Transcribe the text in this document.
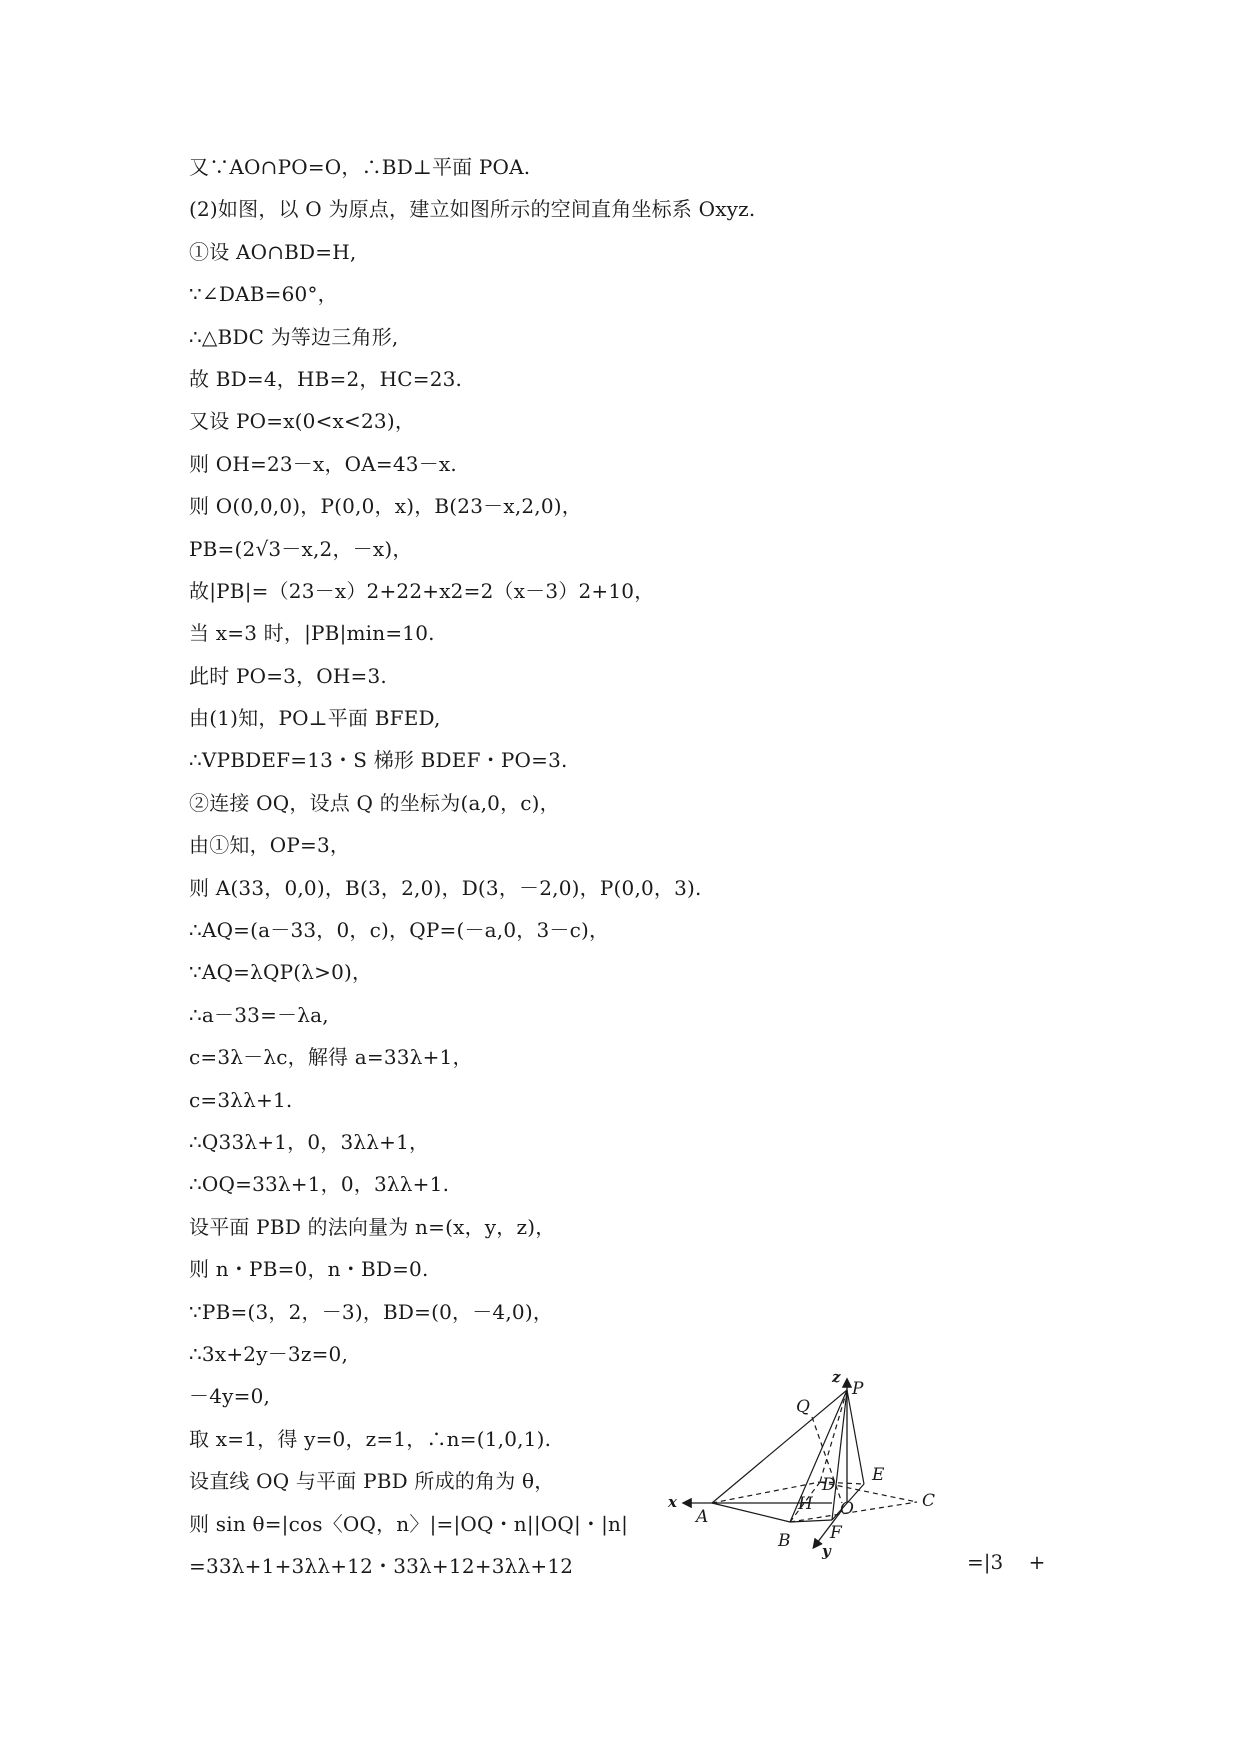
又∵AO∩PO=O，∴BD⊥平面 POA.
(2)如图，以 O 为原点，建立如图所示的空间直角坐标系 Oxyz.
①设 AO∩BD=H,
∵∠DAB=60°，
∴△BDC 为等边三角形,
故 BD=4，HB=2，HC=23.
又设 PO=x(0<x<23)，
则 OH=23－x，OA=43－x.
则 O(0,0,0)，P(0,0，x)，B(23－x,2,0)，
PB=(2√3－x,2，－x)，
故|PB|=（23－x）2+22+x2=2（x－3）2+10，
当 x=3 时，|PB|min=10.
此时 PO=3，OH=3.
由(1)知，PO⊥平面 BFED,
∴VPBDEF=13・S 梯形 BDEF・PO=3.
②连接 OQ，设点 Q 的坐标为(a,0，c)，
由①知，OP=3，
则 A(33，0,0)，B(3，2,0)，D(3，－2,0)，P(0,0，3).
∴AQ=(a－33，0，c)，QP=(－a,0，3－c)，
∵AQ=λQP(λ>0)，
∴a－33=－λa,
c=3λ－λc，解得 a=33λ+1，
c=3λλ+1.
∴Q33λ+1，0，3λλ+1，
∴OQ=33λ+1，0，3λλ+1.
设平面 PBD 的法向量为 n=(x，y，z)，
则 n・PB=0，n・BD=0.
∵PB=(3，2，－3)，BD=(0，－4,0)，
∴3x+2y－3z=0,
－4y=0,
取 x=1，得 y=0，z=1，∴n=(1,0,1).
设直线 OQ 与平面 PBD 所成的角为 θ，
则 sin θ=|cos〈OQ，n〉|=|OQ・n||OQ|・|n|
=33λ+1+3λλ+12・33λ+12+3λλ+12	=|3    +
z
x
y
P
Q
E
C
D
A
H O
B F
